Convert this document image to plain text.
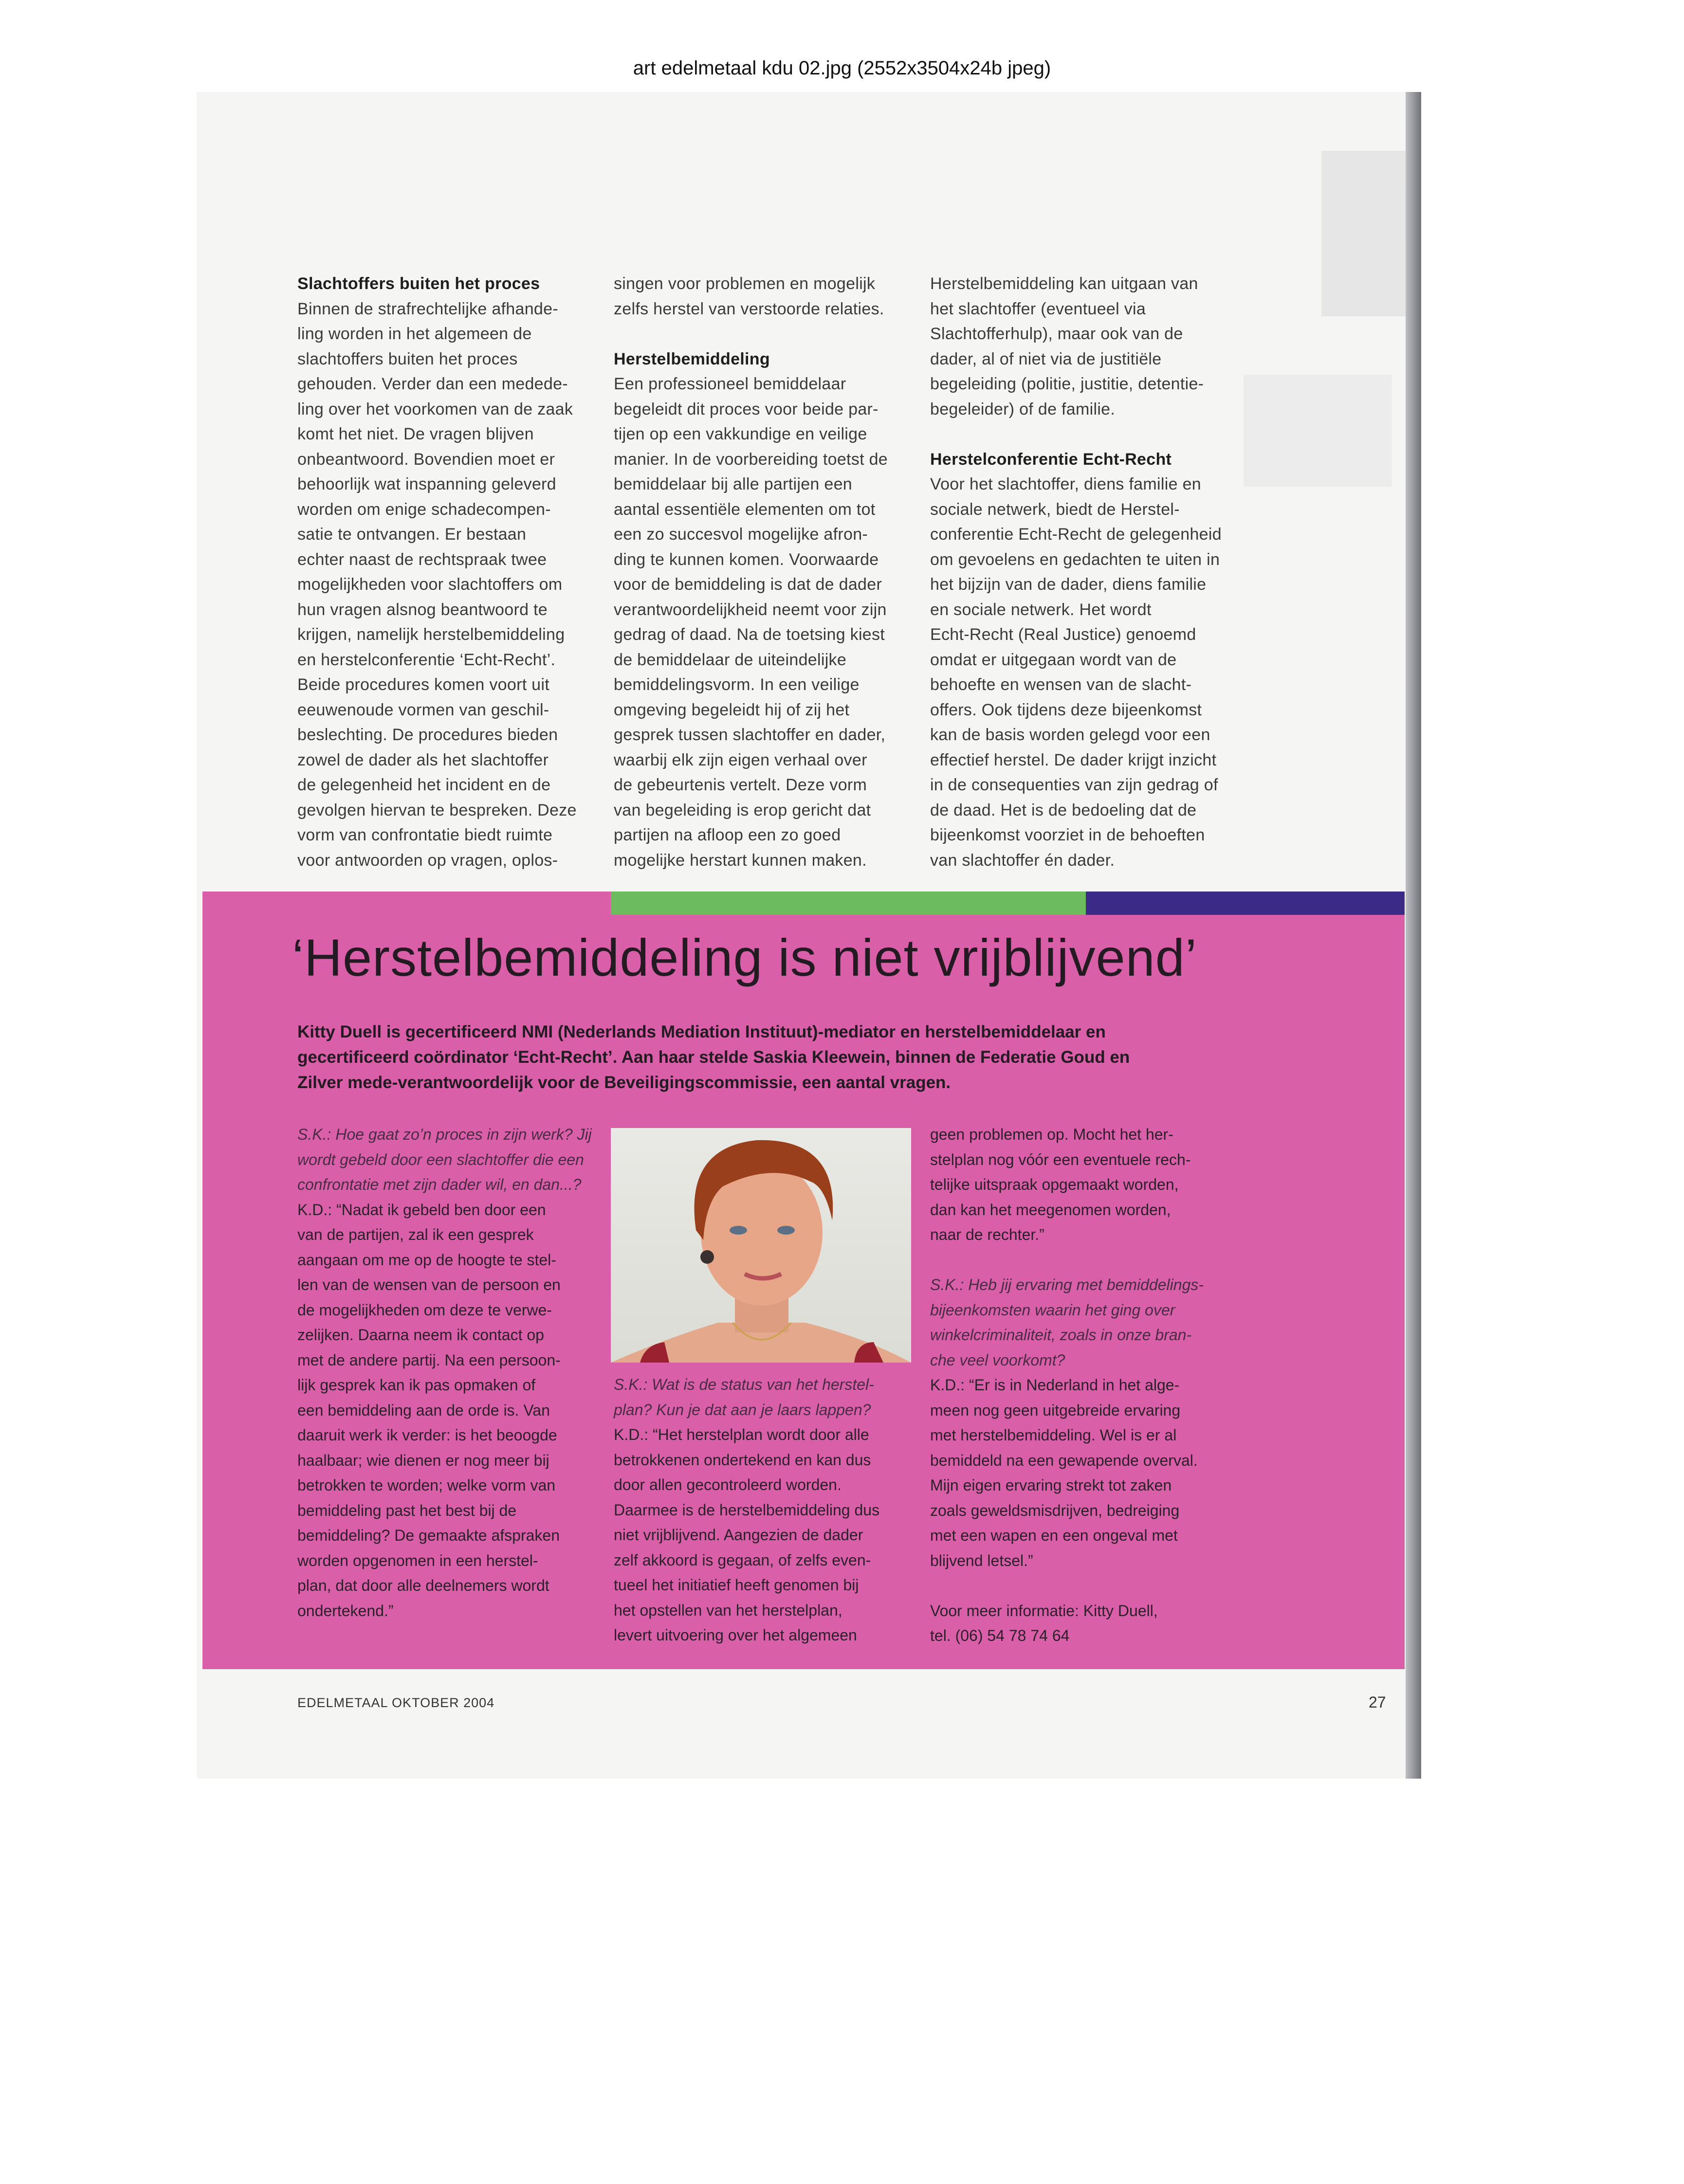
art edelmetaal kdu 02.jpg (2552x3504x24b jpeg)
Slachtoffers buiten het proces
Binnen de strafrechtelijke afhande-
ling worden in het algemeen de
slachtoffers buiten het proces
gehouden. Verder dan een medede-
ling over het voorkomen van de zaak
komt het niet. De vragen blijven
onbeantwoord. Bovendien moet er
behoorlijk wat inspanning geleverd
worden om enige schadecompen-
satie te ontvangen. Er bestaan
echter naast de rechtspraak twee
mogelijkheden voor slachtoffers om
hun vragen alsnog beantwoord te
krijgen, namelijk herstelbemiddeling
en herstelconferentie ‘Echt-Recht’.
Beide procedures komen voort uit
eeuwenoude vormen van geschil-
beslechting. De procedures bieden
zowel de dader als het slachtoffer
de gelegenheid het incident en de
gevolgen hiervan te bespreken. Deze
vorm van confrontatie biedt ruimte
voor antwoorden op vragen, oplos-
singen voor problemen en mogelijk
zelfs herstel van verstoorde relaties.
Herstelbemiddeling
Een professioneel bemiddelaar
begeleidt dit proces voor beide par-
tijen op een vakkundige en veilige
manier. In de voorbereiding toetst de
bemiddelaar bij alle partijen een
aantal essentiële elementen om tot
een zo succesvol mogelijke afron-
ding te kunnen komen. Voorwaarde
voor de bemiddeling is dat de dader
verantwoordelijkheid neemt voor zijn
gedrag of daad. Na de toetsing kiest
de bemiddelaar de uiteindelijke
bemiddelingsvorm. In een veilige
omgeving begeleidt hij of zij het
gesprek tussen slachtoffer en dader,
waarbij elk zijn eigen verhaal over
de gebeurtenis vertelt. Deze vorm
van begeleiding is erop gericht dat
partijen na afloop een zo goed
mogelijke herstart kunnen maken.
Herstelbemiddeling kan uitgaan van
het slachtoffer (eventueel via
Slachtofferhulp), maar ook van de
dader, al of niet via de justitiële
begeleiding (politie, justitie, detentie-
begeleider) of de familie.
Herstelconferentie Echt-Recht
Voor het slachtoffer, diens familie en
sociale netwerk, biedt de Herstel-
conferentie Echt-Recht de gelegenheid
om gevoelens en gedachten te uiten in
het bijzijn van de dader, diens familie
en sociale netwerk. Het wordt
Echt-Recht (Real Justice) genoemd
omdat er uitgegaan wordt van de
behoefte en wensen van de slacht-
offers. Ook tijdens deze bijeenkomst
kan de basis worden gelegd voor een
effectief herstel. De dader krijgt inzicht
in de consequenties van zijn gedrag of
de daad. Het is de bedoeling dat de
bijeenkomst voorziet in de behoeften
van slachtoffer én dader.
‘Herstelbemiddeling is niet vrijblijvend’
Kitty Duell is gecertificeerd NMI (Nederlands Mediation Instituut)-mediator en herstelbemiddelaar en
gecertificeerd coördinator ‘Echt-Recht’. Aan haar stelde Saskia Kleewein, binnen de Federatie Goud en
Zilver mede-verantwoordelijk voor de Beveiligingscommissie, een aantal vragen.
S.K.: Hoe gaat zo’n proces in zijn werk? Jij
wordt gebeld door een slachtoffer die een
confrontatie met zijn dader wil, en dan...?
K.D.: “Nadat ik gebeld ben door een
van de partijen, zal ik een gesprek
aangaan om me op de hoogte te stel-
len van de wensen van de persoon en
de mogelijkheden om deze te verwe-
zelijken. Daarna neem ik contact op
met de andere partij. Na een persoon-
lijk gesprek kan ik pas opmaken of
een bemiddeling aan de orde is. Van
daaruit werk ik verder: is het beoogde
haalbaar; wie dienen er nog meer bij
betrokken te worden; welke vorm van
bemiddeling past het best bij de
bemiddeling? De gemaakte afspraken
worden opgenomen in een herstel-
plan, dat door alle deelnemers wordt
ondertekend.”
S.K.: Wat is de status van het herstel-
plan? Kun je dat aan je laars lappen?
K.D.: “Het herstelplan wordt door alle
betrokkenen ondertekend en kan dus
door allen gecontroleerd worden.
Daarmee is de herstelbemiddeling dus
niet vrijblijvend. Aangezien de dader
zelf akkoord is gegaan, of zelfs even-
tueel het initiatief heeft genomen bij
het opstellen van het herstelplan,
levert uitvoering over het algemeen
geen problemen op. Mocht het her-
stelplan nog vóór een eventuele rech-
telijke uitspraak opgemaakt worden,
dan kan het meegenomen worden,
naar de rechter.”
S.K.: Heb jij ervaring met bemiddelings-
bijeenkomsten waarin het ging over
winkelcriminaliteit, zoals in onze bran-
che veel voorkomt?
K.D.: “Er is in Nederland in het alge-
meen nog geen uitgebreide ervaring
met herstelbemiddeling. Wel is er al
bemiddeld na een gewapende overval.
Mijn eigen ervaring strekt tot zaken
zoals geweldsmisdrijven, bedreiging
met een wapen en een ongeval met
blijvend letsel.”
Voor meer informatie: Kitty Duell,
tel. (06) 54 78 74 64
EDELMETAAL OKTOBER 2004	27
